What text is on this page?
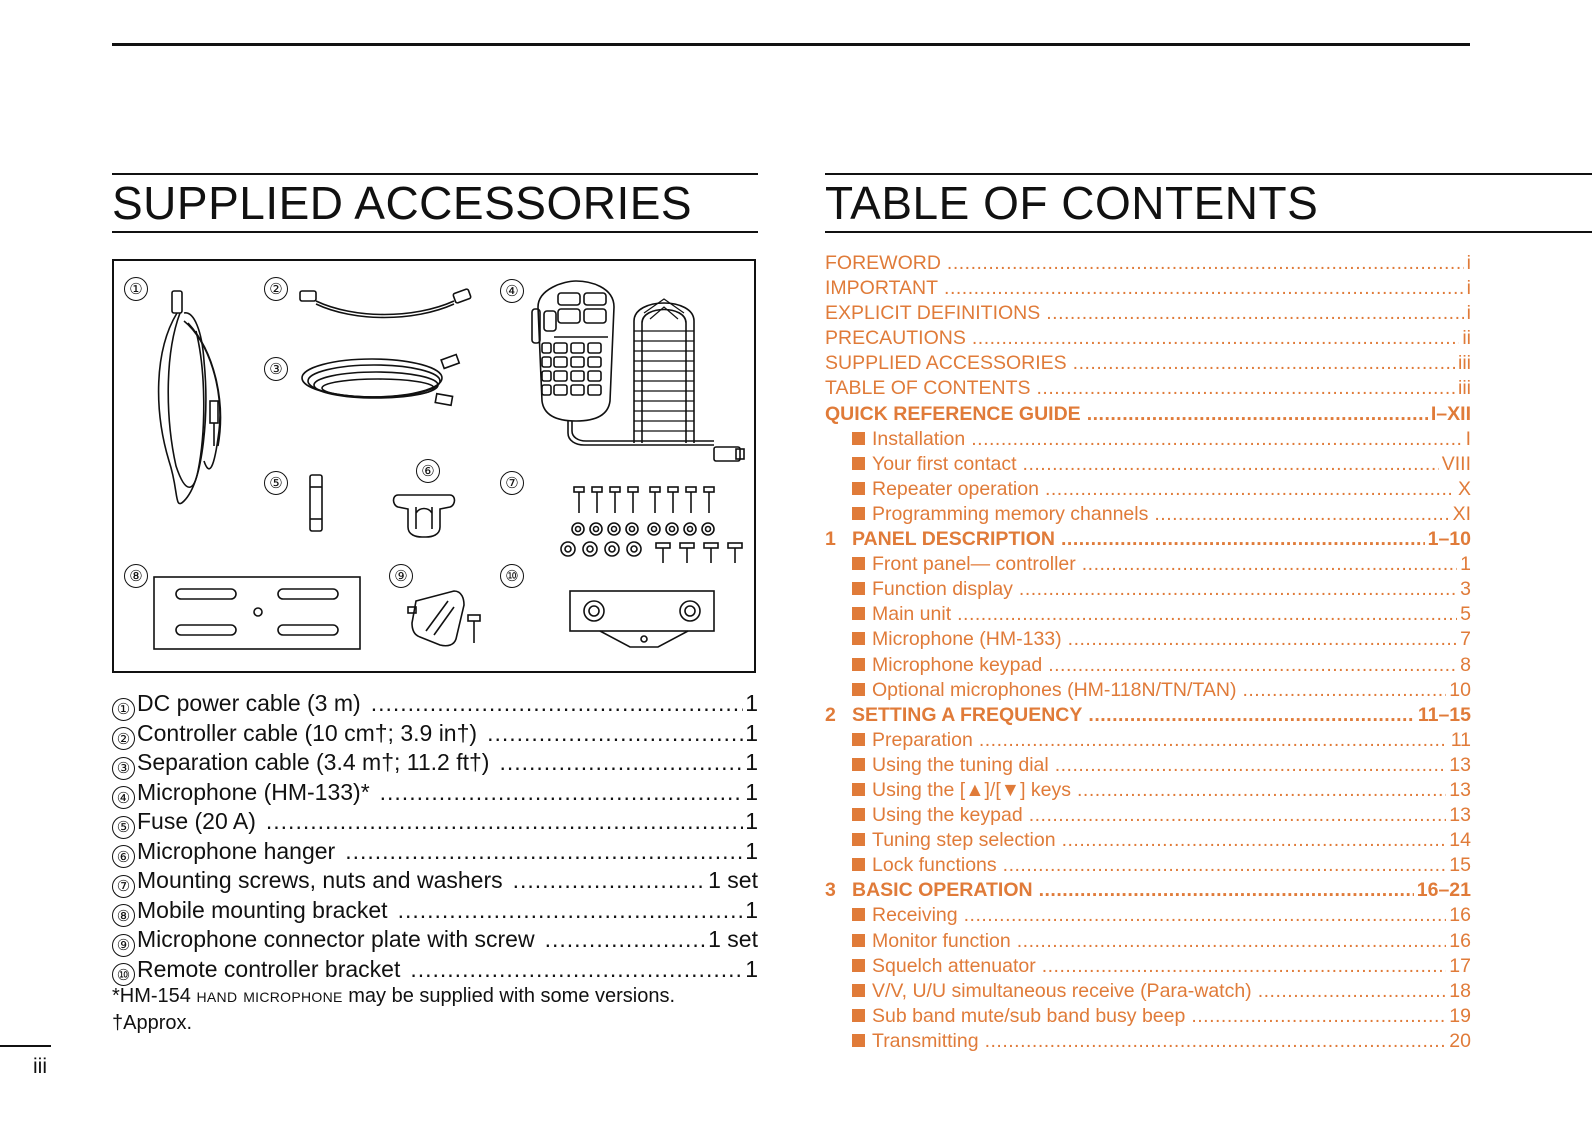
SUPPLIED ACCESSORIES	TABLE OF CONTENTS
①	②
③
④
⑤
⑥
⑦
⑧	⑨	⑩
① DC power cable (3 m) .....	1
② Controller cable (10 cm†; 3.9 in†) .....	1
③ Separation cable (3.4 m†; 11.2 ft†) .....	1
④ Microphone (HM-133)* .....	1
⑤ Fuse (20 A) .....	1
⑥ Microphone hanger .....	1
⑦ Mounting screws, nuts and washers .....	1 set
⑧ Mobile mounting bracket .....	1
⑨ Microphone connector plate with screw .....	1 set
⑩ Remote controller bracket .....	1
*HM-154 hand microphone may be supplied with some versions.
†Approx.
FOREWORD .....	i
IMPORTANT .....	i
EXPLICIT DEFINITIONS .....	i
PRECAUTIONS .....	ii
SUPPLIED ACCESSORIES .....	iii
TABLE OF CONTENTS .....	iii
QUICK REFERENCE GUIDE .....	I–XII
Installation .....	I
Your first contact .....	VIII
Repeater operation .....	X
Programming memory channels .....	XI
1 PANEL DESCRIPTION .....	1–10
Front panel— controller .....	1
Function display .....	3
Main unit .....	5
Microphone (HM-133) .....	7
Microphone keypad .....	8
Optional microphones (HM-118N/TN/TAN) .....	10
2 SETTING A FREQUENCY .....	11–15
Preparation .....	11
Using the tuning dial .....	13
Using the [▲]/[▼] keys .....	13
Using the keypad .....	13
Tuning step selection .....	14
Lock functions .....	15
3 BASIC OPERATION .....	16–21
Receiving .....	16
Monitor function .....	16
Squelch attenuator .....	17
V/V, U/U simultaneous receive (Para-watch) .....	18
Sub band mute/sub band busy beep .....	19
Transmitting .....	20
iii
